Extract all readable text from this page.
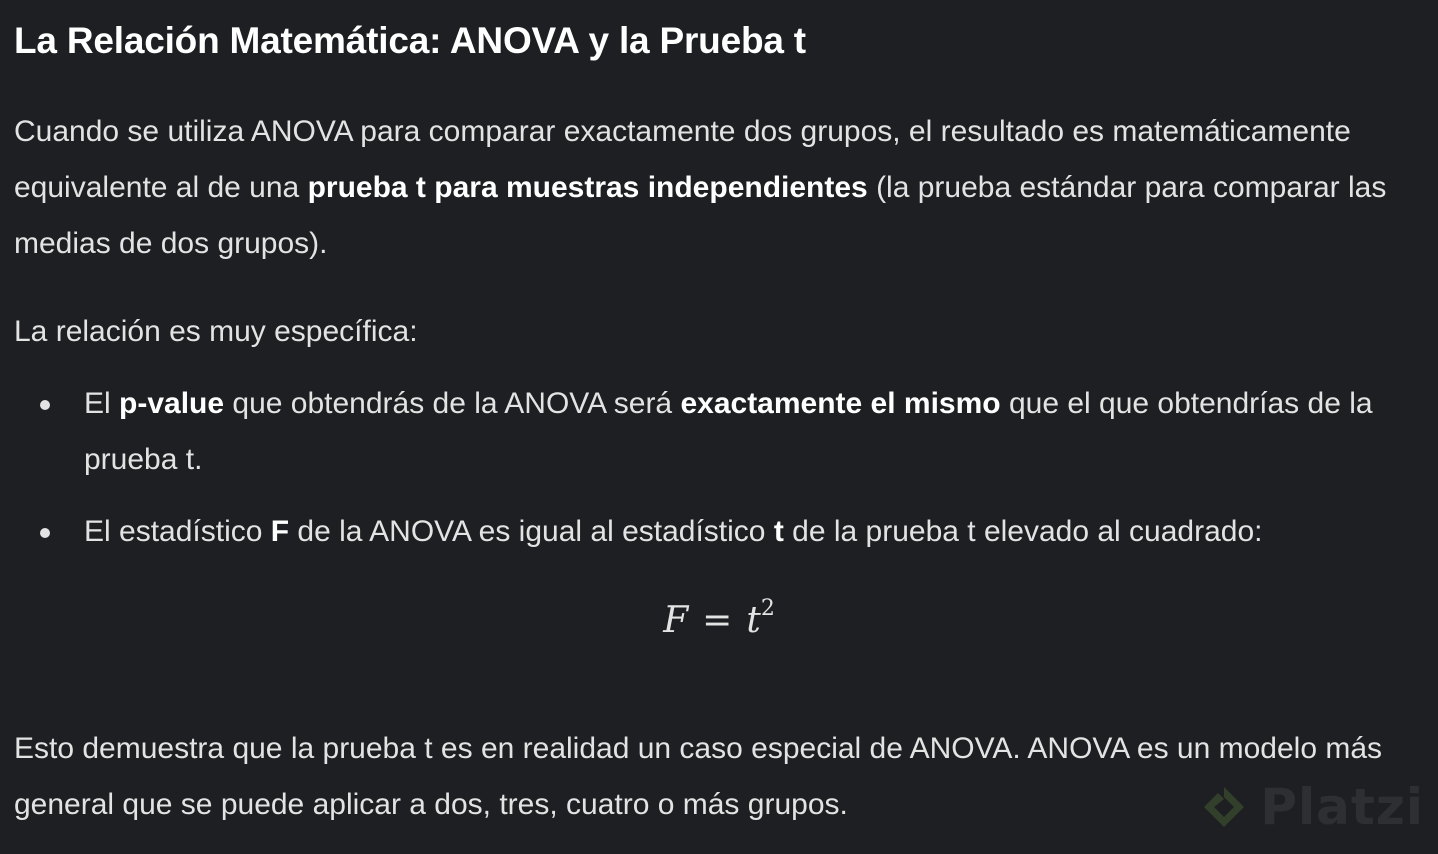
La Relación Matemática: ANOVA y la Prueba t

Cuando se utiliza ANOVA para comparar exactamente dos grupos, el resultado es matemáticamente equivalente al de una prueba t para muestras independientes (la prueba estándar para comparar las medias de dos grupos).

La relación es muy específica:

El p-value que obtendrás de la ANOVA será exactamente el mismo que el que obtendrías de la prueba t.
El estadístico F de la ANOVA es igual al estadístico t de la prueba t elevado al cuadrado:
$F = t^2$

Esto demuestra que la prueba t es en realidad un caso especial de ANOVA. ANOVA es un modelo más general que se puede aplicar a dos, tres, cuatro o más grupos.	Platzi
